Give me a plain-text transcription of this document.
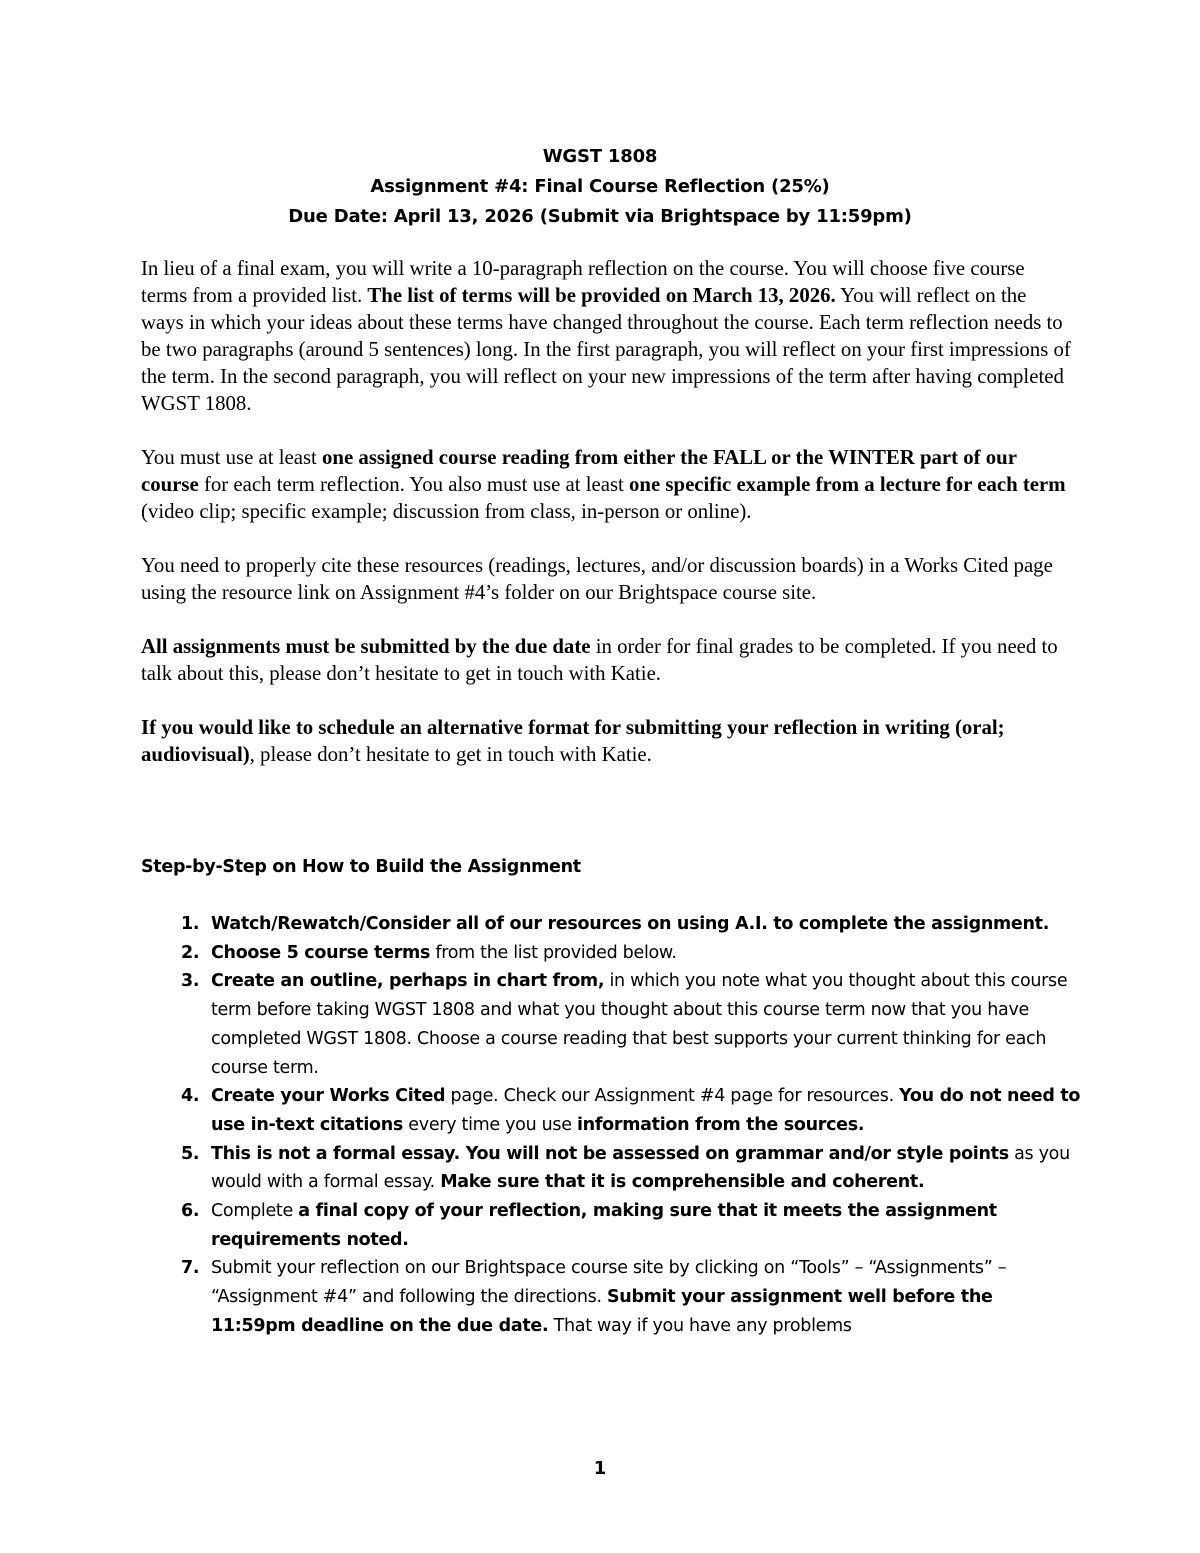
WGST 1808
Assignment #4: Final Course Reflection (25%)
Due Date: April 13, 2026 (Submit via Brightspace by 11:59pm)

In lieu of a final exam, you will write a 10-paragraph reflection on the course. You will choose five course terms from a provided list. The list of terms will be provided on March 13, 2026. You will reflect on the ways in which your ideas about these terms have changed throughout the course. Each term reflection needs to be two paragraphs (around 5 sentences) long. In the first paragraph, you will reflect on your first impressions of the term. In the second paragraph, you will reflect on your new impressions of the term after having completed WGST 1808.

You must use at least one assigned course reading from either the FALL or the WINTER part of our course for each term reflection. You also must use at least one specific example from a lecture for each term (video clip; specific example; discussion from class, in-person or online).

You need to properly cite these resources (readings, lectures, and/or discussion boards) in a Works Cited page using the resource link on Assignment #4’s folder on our Brightspace course site.

All assignments must be submitted by the due date in order for final grades to be completed. If you need to talk about this, please don’t hesitate to get in touch with Katie.

If you would like to schedule an alternative format for submitting your reflection in writing (oral; audiovisual), please don’t hesitate to get in touch with Katie.

Step-by-Step on How to Build the Assignment
1. Watch/Rewatch/Consider all of our resources on using A.I. to complete the assignment.
2. Choose 5 course terms from the list provided below.
3. Create an outline, perhaps in chart from, in which you note what you thought about this course term before taking WGST 1808 and what you thought about this course term now that you have completed WGST 1808. Choose a course reading that best supports your current thinking for each course term.
4. Create your Works Cited page. Check our Assignment #4 page for resources. You do not need to use in-text citations every time you use information from the sources.
5. This is not a formal essay. You will not be assessed on grammar and/or style points as you would with a formal essay. Make sure that it is comprehensible and coherent.
6. Complete a final copy of your reflection, making sure that it meets the assignment requirements noted.
7. Submit your reflection on our Brightspace course site by clicking on “Tools” – “Assignments” – “Assignment #4” and following the directions. Submit your assignment well before the 11:59pm deadline on the due date. That way if you have any problems
1
